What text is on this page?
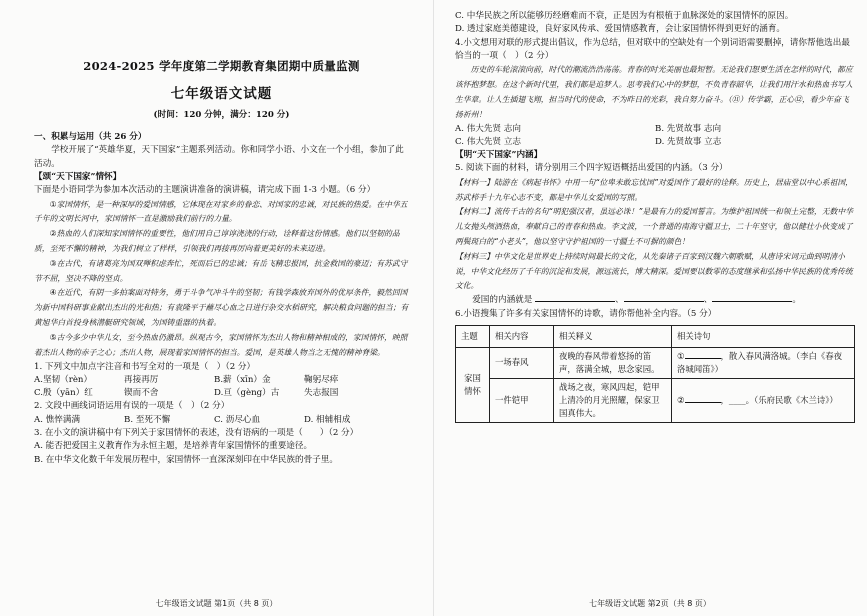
2024-2025 学年度第二学期教育集团期中质量监测
七年级语文试题
(时间：120 分钟，满分：120 分)

一、积累与运用（共 26 分）

学校开展了“英雄华夏，天下国家”主题系列活动。你和同学小语、小文在一个小组，参加了此活动。

【颂“天下国家”情怀】

下面是小语同学为参加本次活动的主题演讲准备的演讲稿，请完成下面 1-3 小题。（6 分）

①家国情怀，是一种深厚的爱国情感，它体现在对家乡的眷恋、对国家的忠诚，对民族的热爱。在中华五千年的文明长河中，家国情怀一直是激励我们前行的力量。

②热血的人们深知家国情怀的重要性，他们用自己谆谆浇浇的行动，诠释着这份情感。他们以坚韧的品质，至死不懈的精神，为我们树立了样样，引领我们再接再厉向着更美好的未来迈进。

③在古代，有诸葛亮为国双殚积虑奔忙，死而后已的忠诚；有岳飞精忠报国，抗金救国的豪迈；有苏武守节不屈，坚决不降的坚贞。

④在近代，有阴一多拍案面对特务，勇于斗争气冲斗牛的坚韧；有钱学森放弃国外的优厚条件，毅然回国为新中国科研事业献出杰出的光和热；有袁隆平于蘸尽心血之日进行杂交水稻研究，解决粮食问题的担当；有黄旭华白首投身核潜艇研究领域，为国铸重器的执着。

⑤古今多少中华儿女，至今热血仍激昂。纵观古今，家国情怀为杰出人物和精神相成的，家国情怀，映照着杰出人物的赤子之心；杰出人物，展现着家国情怀的担当。爱国，是英雄人物当之无愧的精神脊梁。

1. 下列文中加点字注音和书写全对的一项是（　）（2 分）

A.坚韧（rèn）	再接再厉	B.薪（xīn）金	鞠躬尽瘁
C.殷（yān）红	锲而不舍	D.亘（gèng）古	失志报国

2. 文段中画线词语运用有误的一项是（　）（2 分）

A. 憔悴满满	B. 至死不懈	C. 沥尽心血	D. 相辅相成

3. 在小文的演讲稿中有下列关于家国情怀的表述，没有语病的一项是（　　）（2 分）

A. 能否把爱国主义教育作为永恒主题，是培养青年家国情怀的重要途径。

B. 在中华文化数千年发展历程中，家国情怀一直深深刻印在中华民族的骨子里。

七年级语文试题 第1页（共 8 页）

C. 中华民族之所以能够历经磨难而不衰，正是因为有根植于血脉深处的家国情怀的原因。

D. 透过家庭美德建设，良好家风传承、爱国情感教育，会让家国情怀得到更好的涵育。

4.小文想用对联的形式提出倡议，作为总结，但对联中的空缺处有一个别词语需要删掉，请你帮他选出最恰当的一项（　）（2 分）

历史的车轮滚滚向前，时代的潮流浩浩荡荡。青春的时光美丽也最短暂。无论我们想要生活在怎样的时代，都应该怀抱梦想。在这个新时代里，我们都是追梦人。思考我们心中的梦想，不负青春韶华，让我们用汗水和热血书写人生华章。让人生插翅飞翔，担当时代的使命，不为昨日的光彩，我自努力奋斗。（⑪）传学霸，正心⑫，看少年奋飞扬祈州！

A. 伟大先贤 志向	B. 先贤故事 志向
C. 伟大先贤 立志	D. 先贤故事 立志

【明“天下国家”内涵】

5. 阅读下面的材料，请分别用三个四字短语概括出爱国的内涵。（3 分）

【材料一】陆游在《病起书怀》中用一句“位卑未敢忘忧国”对爱国作了最好的诠释。历史上，居庙堂以中心系祖国，苏武栉手十九年心志不变，都是中华儿女爱国的写照。

【材料二】流传千古的名句“明犯强汉者，虽远必诛！”是最有力的爱国誓言。为维护祖国统一和领土完整，无数中华儿女抛头颅洒热血，奉献自己的青春和热血。李文波，一个普通的南海守疆卫士，二十年坚守，他以健壮小伙变成了两鬓斑白的“小老头”，他以坚守守护祖国的一寸疆土不可摒的颜色！

【材料三】中华文化是世界史上持续时间最长的文化，从先秦诸子百家到汉魏六朝歌赋，从唐诗宋词元曲到明清小说，中华文化经历了千年的沉淀和发展，源远流长，博大精深。爱国要以数零的态度继承和弘扬中华民族的优秀传统文化。

爱国的内涵就是	、	、	。

6.小语搜集了许多有关家国情怀的诗歌，请你帮他补全内容。（5 分）

主题	相关内容	相关释义	相关诗句
家国情怀	一场春风	夜晚的春风带着悠扬的笛声，落满全城，思念家园。	① ，散入春风满洛城。（李白《春夜洛城闻笛》）
	一件铠甲	战场之夜，寒风四起，铠甲上清冷的月光照耀，保家卫国真伟大。	② ，____。（乐府民歌《木兰诗》）
七年级语文试题 第2页（共 8 页）
